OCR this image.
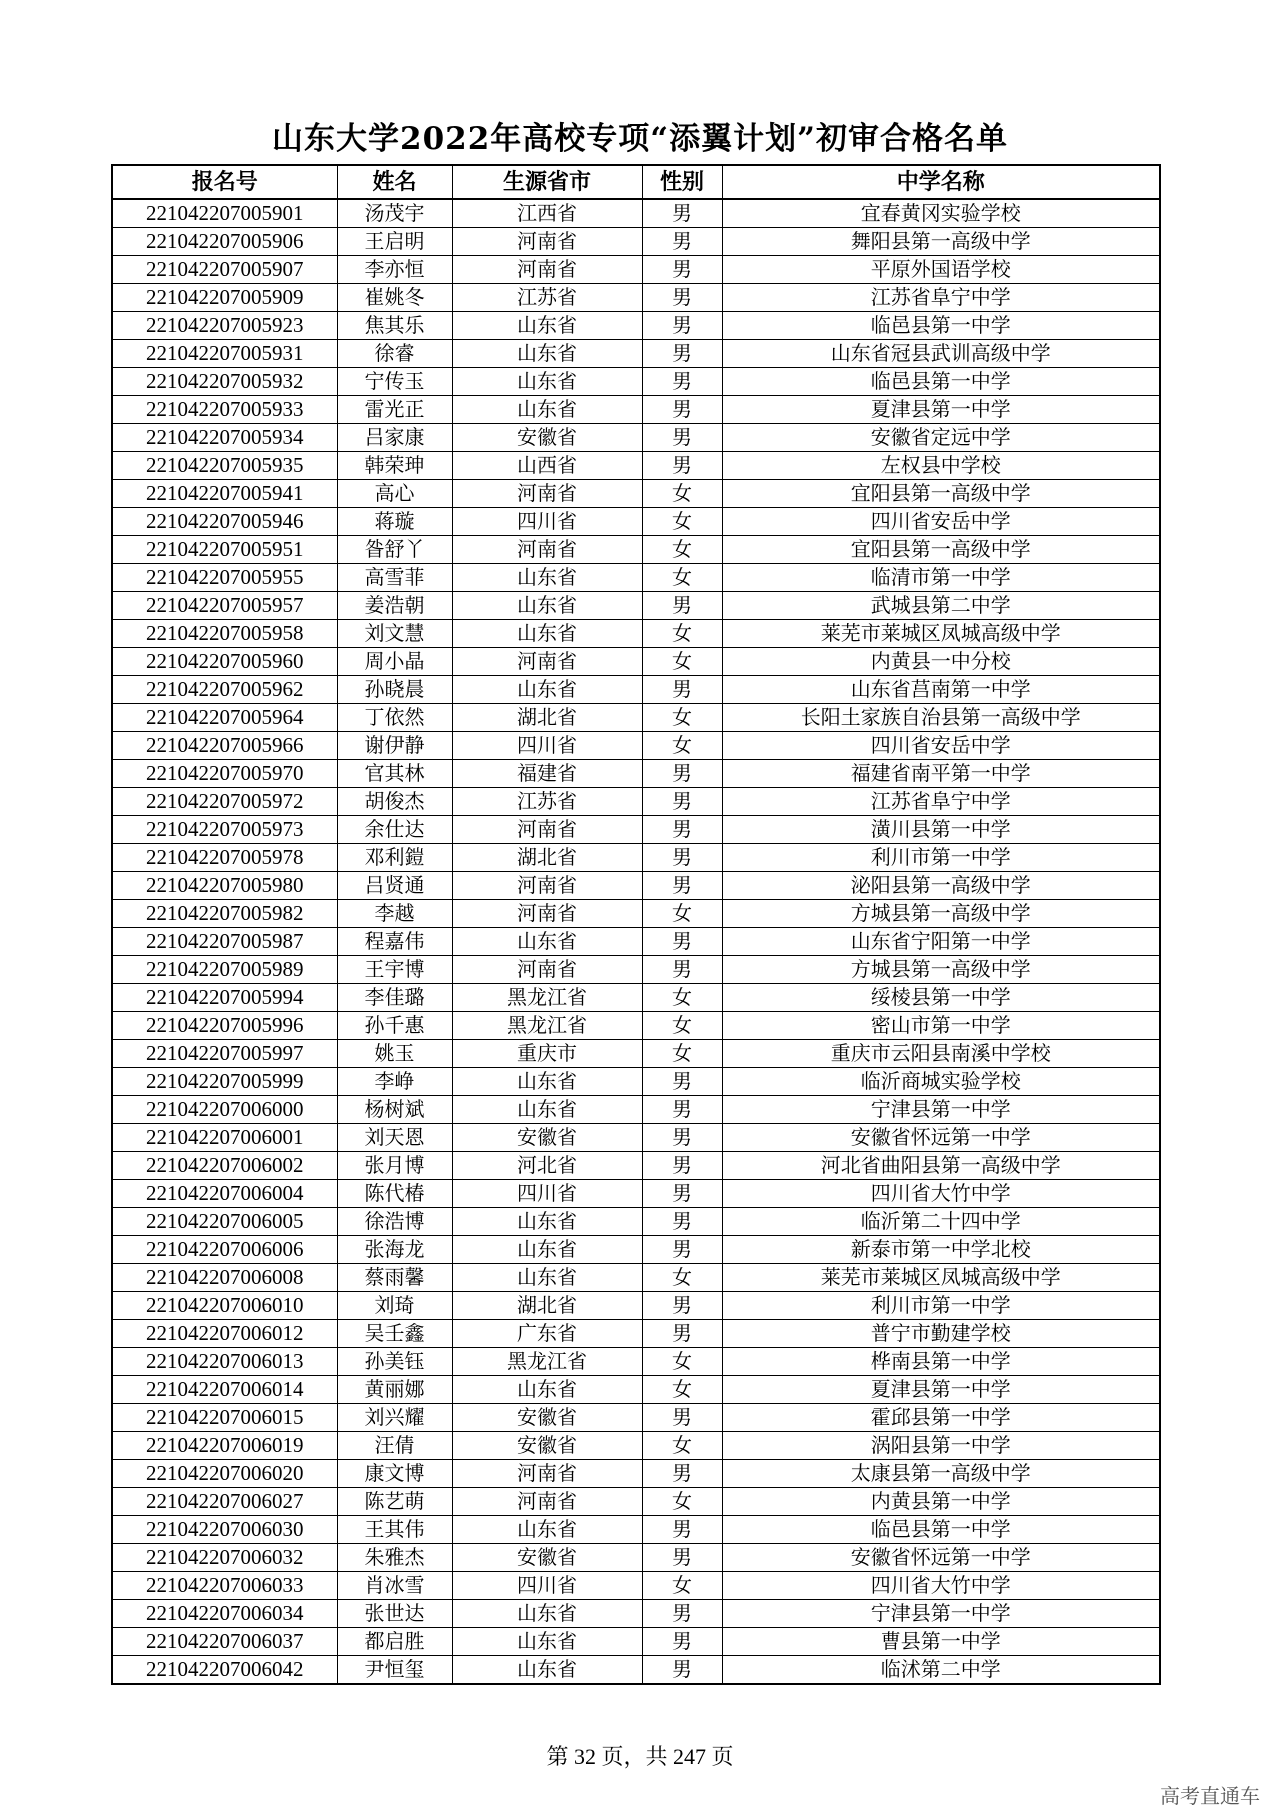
山东大学2022年高校专项“添翼计划”初审合格名单
报名号	姓名	生源省市	性别	中学名称
221042207005901	汤茂宇	江西省	男	宜春黄冈实验学校
221042207005906	王启明	河南省	男	舞阳县第一高级中学
221042207005907	李亦恒	河南省	男	平原外国语学校
221042207005909	崔姚冬	江苏省	男	江苏省阜宁中学
221042207005923	焦其乐	山东省	男	临邑县第一中学
221042207005931	徐睿	山东省	男	山东省冠县武训高级中学
221042207005932	宁传玉	山东省	男	临邑县第一中学
221042207005933	雷光正	山东省	男	夏津县第一中学
221042207005934	吕家康	安徽省	男	安徽省定远中学
221042207005935	韩荣珅	山西省	男	左权县中学校
221042207005941	高心	河南省	女	宜阳县第一高级中学
221042207005946	蒋璇	四川省	女	四川省安岳中学
221042207005951	昝舒丫	河南省	女	宜阳县第一高级中学
221042207005955	高雪菲	山东省	女	临清市第一中学
221042207005957	姜浩朝	山东省	男	武城县第二中学
221042207005958	刘文慧	山东省	女	莱芜市莱城区凤城高级中学
221042207005960	周小晶	河南省	女	内黄县一中分校
221042207005962	孙晓晨	山东省	男	山东省莒南第一中学
221042207005964	丁依然	湖北省	女	长阳土家族自治县第一高级中学
221042207005966	谢伊静	四川省	女	四川省安岳中学
221042207005970	官其林	福建省	男	福建省南平第一中学
221042207005972	胡俊杰	江苏省	男	江苏省阜宁中学
221042207005973	余仕达	河南省	男	潢川县第一中学
221042207005978	邓利鎧	湖北省	男	利川市第一中学
221042207005980	吕贤通	河南省	男	泌阳县第一高级中学
221042207005982	李越	河南省	女	方城县第一高级中学
221042207005987	程嘉伟	山东省	男	山东省宁阳第一中学
221042207005989	王宇博	河南省	男	方城县第一高级中学
221042207005994	李佳璐	黑龙江省	女	绥棱县第一中学
221042207005996	孙千惠	黑龙江省	女	密山市第一中学
221042207005997	姚玉	重庆市	女	重庆市云阳县南溪中学校
221042207005999	李峥	山东省	男	临沂商城实验学校
221042207006000	杨树斌	山东省	男	宁津县第一中学
221042207006001	刘天恩	安徽省	男	安徽省怀远第一中学
221042207006002	张月博	河北省	男	河北省曲阳县第一高级中学
221042207006004	陈代椿	四川省	男	四川省大竹中学
221042207006005	徐浩博	山东省	男	临沂第二十四中学
221042207006006	张海龙	山东省	男	新泰市第一中学北校
221042207006008	蔡雨馨	山东省	女	莱芜市莱城区凤城高级中学
221042207006010	刘琦	湖北省	男	利川市第一中学
221042207006012	吴壬鑫	广东省	男	普宁市勤建学校
221042207006013	孙美钰	黑龙江省	女	桦南县第一中学
221042207006014	黄丽娜	山东省	女	夏津县第一中学
221042207006015	刘兴耀	安徽省	男	霍邱县第一中学
221042207006019	汪倩	安徽省	女	涡阳县第一中学
221042207006020	康文博	河南省	男	太康县第一高级中学
221042207006027	陈艺萌	河南省	女	内黄县第一中学
221042207006030	王其伟	山东省	男	临邑县第一中学
221042207006032	朱雅杰	安徽省	男	安徽省怀远第一中学
221042207006033	肖冰雪	四川省	女	四川省大竹中学
221042207006034	张世达	山东省	男	宁津县第一中学
221042207006037	都启胜	山东省	男	曹县第一中学
221042207006042	尹恒玺	山东省	男	临沭第二中学
第 32 页，共 247 页
高考直通车
